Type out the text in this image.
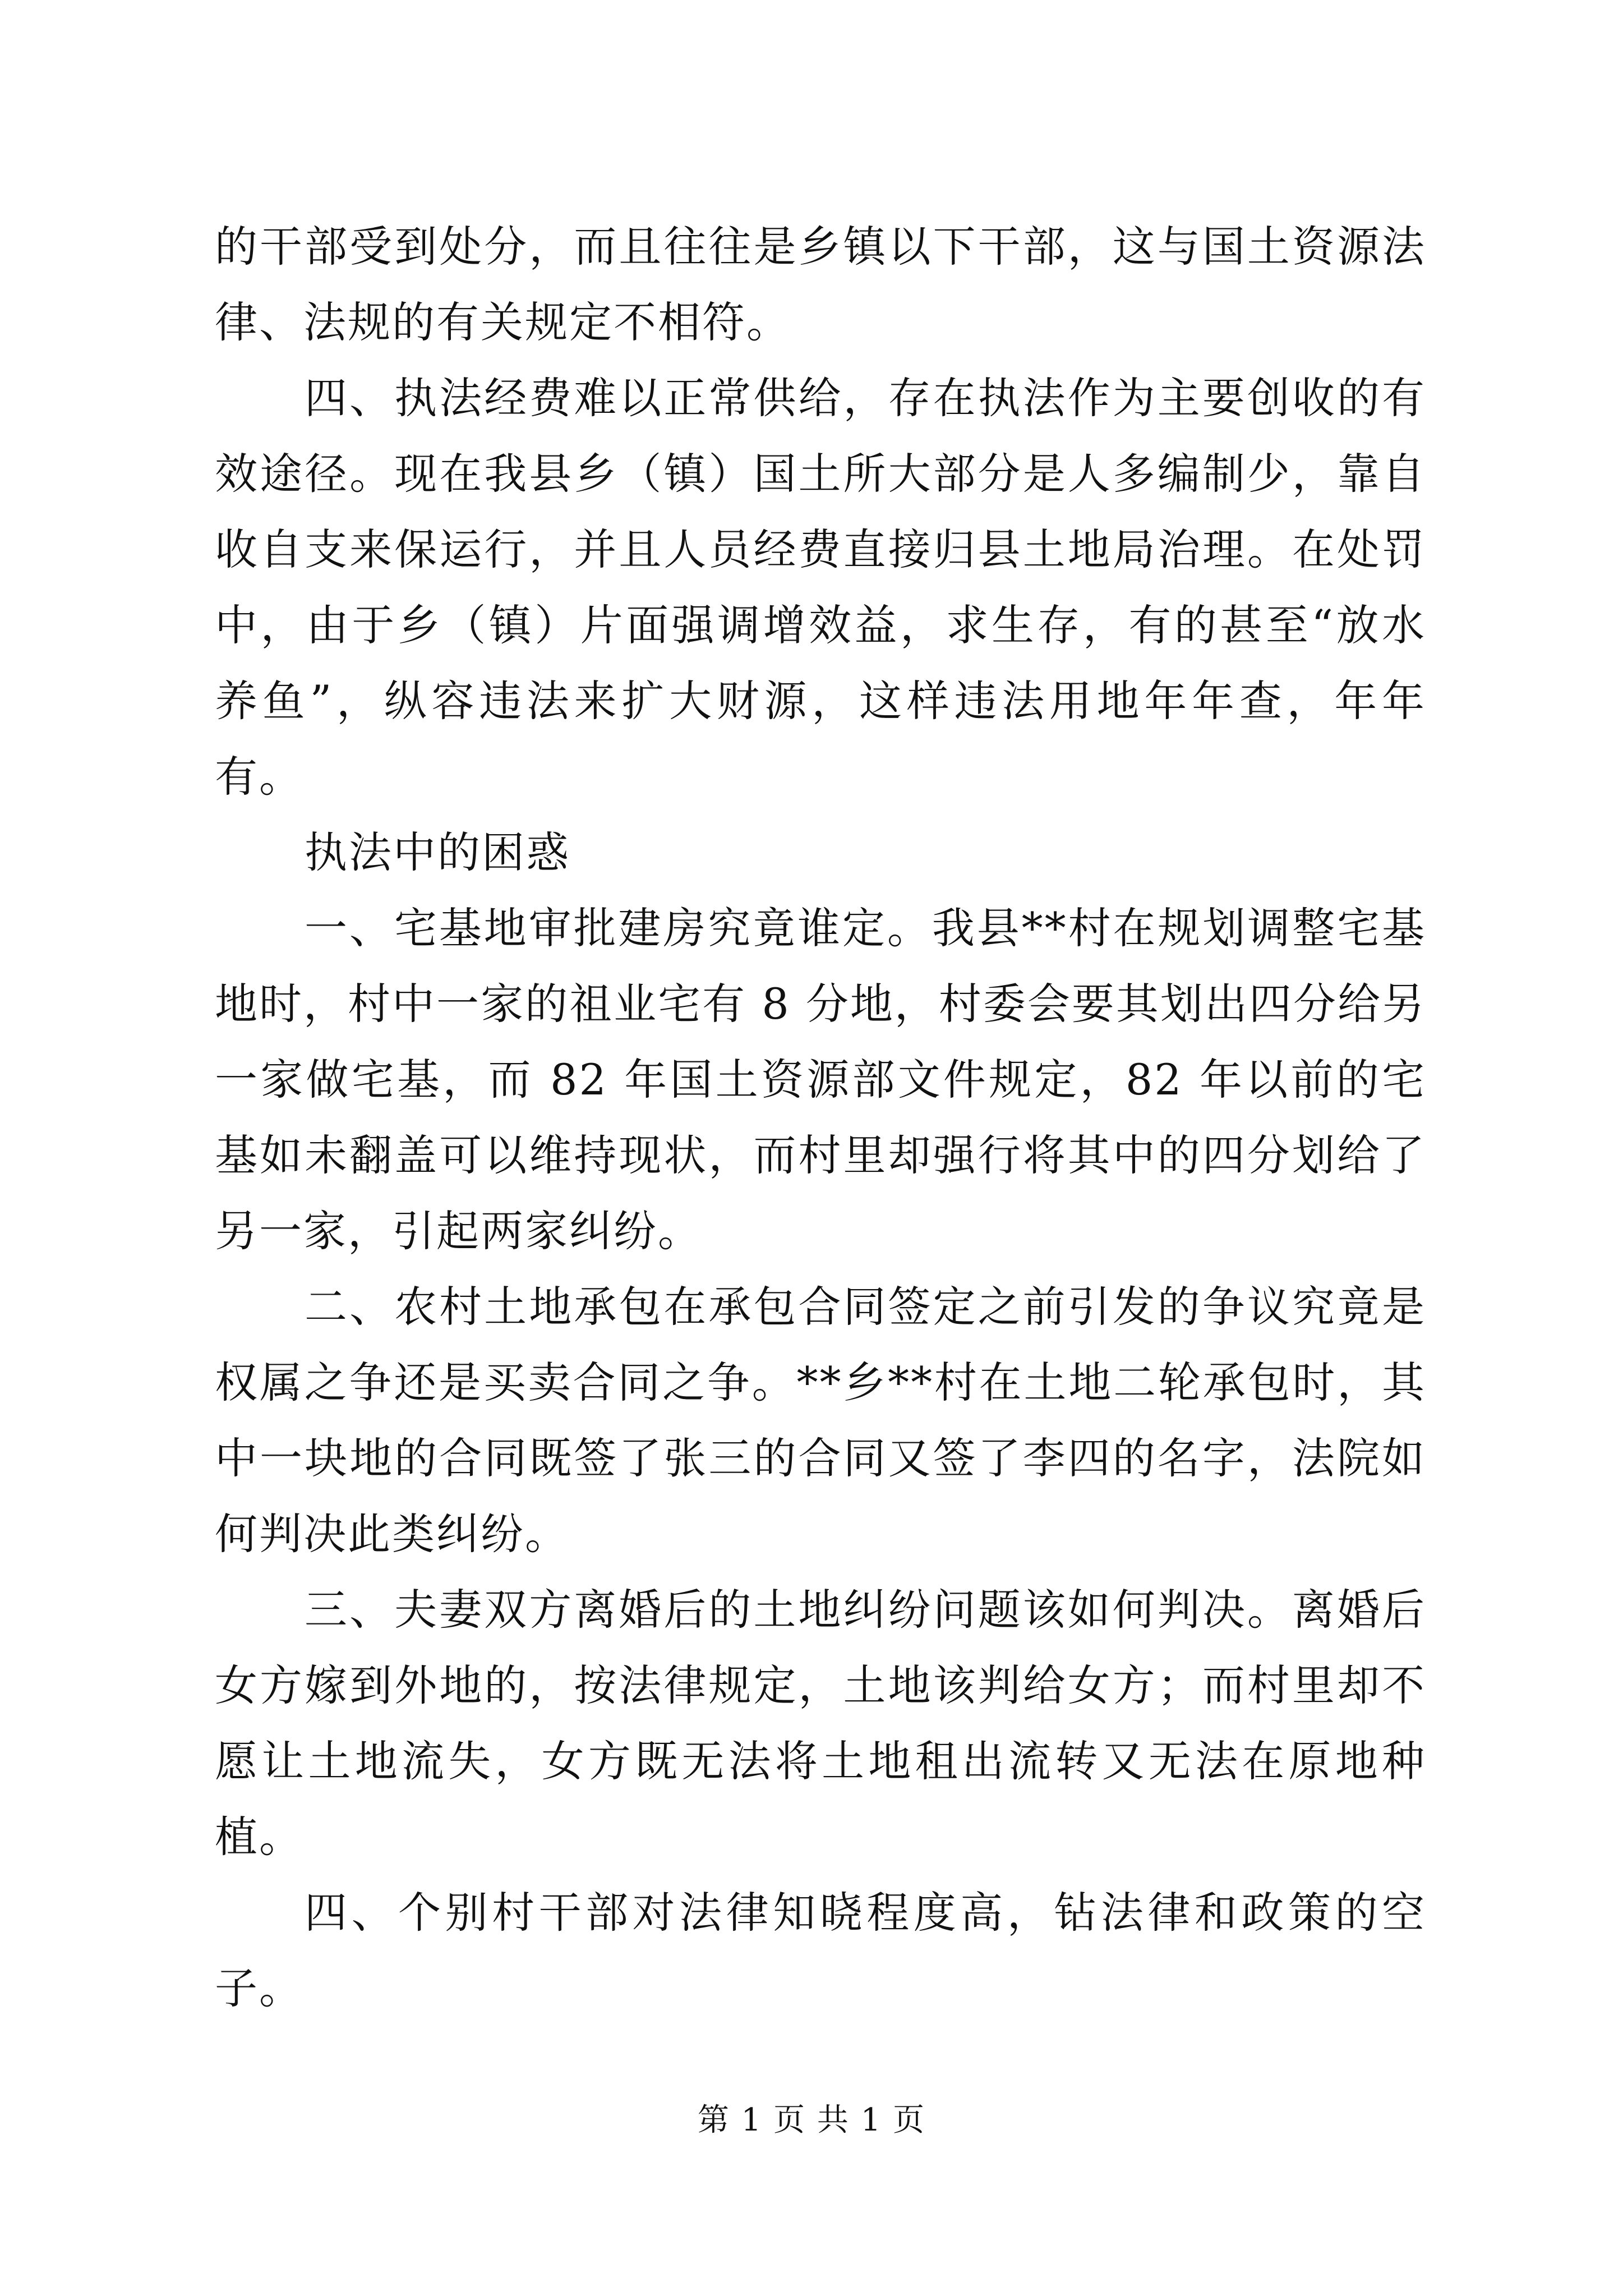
的干部受到处分，而且往往是乡镇以下干部，这与国土资源法律、法规的有关规定不相符。

四、执法经费难以正常供给，存在执法作为主要创收的有效途径。现在我县乡（镇）国土所大部分是人多编制少，靠自收自支来保运行，并且人员经费直接归县土地局治理。在处罚中，由于乡（镇）片面强调增效益，求生存，有的甚至“放水养鱼”，纵容违法来扩大财源，这样违法用地年年查，年年有。

执法中的困惑

一、宅基地审批建房究竟谁定。我县**村在规划调整宅基地时，村中一家的祖业宅有 8 分地，村委会要其划出四分给另一家做宅基，而 82 年国土资源部文件规定，82 年以前的宅基如未翻盖可以维持现状，而村里却强行将其中的四分划给了另一家，引起两家纠纷。

二、农村土地承包在承包合同签定之前引发的争议究竟是权属之争还是买卖合同之争。**乡**村在土地二轮承包时，其中一块地的合同既签了张三的合同又签了李四的名字，法院如何判决此类纠纷。

三、夫妻双方离婚后的土地纠纷问题该如何判决。离婚后女方嫁到外地的，按法律规定，土地该判给女方；而村里却不愿让土地流失，女方既无法将土地租出流转又无法在原地种植。

四、个别村干部对法律知晓程度高，钻法律和政策的空子。

第 1 页 共 1 页
